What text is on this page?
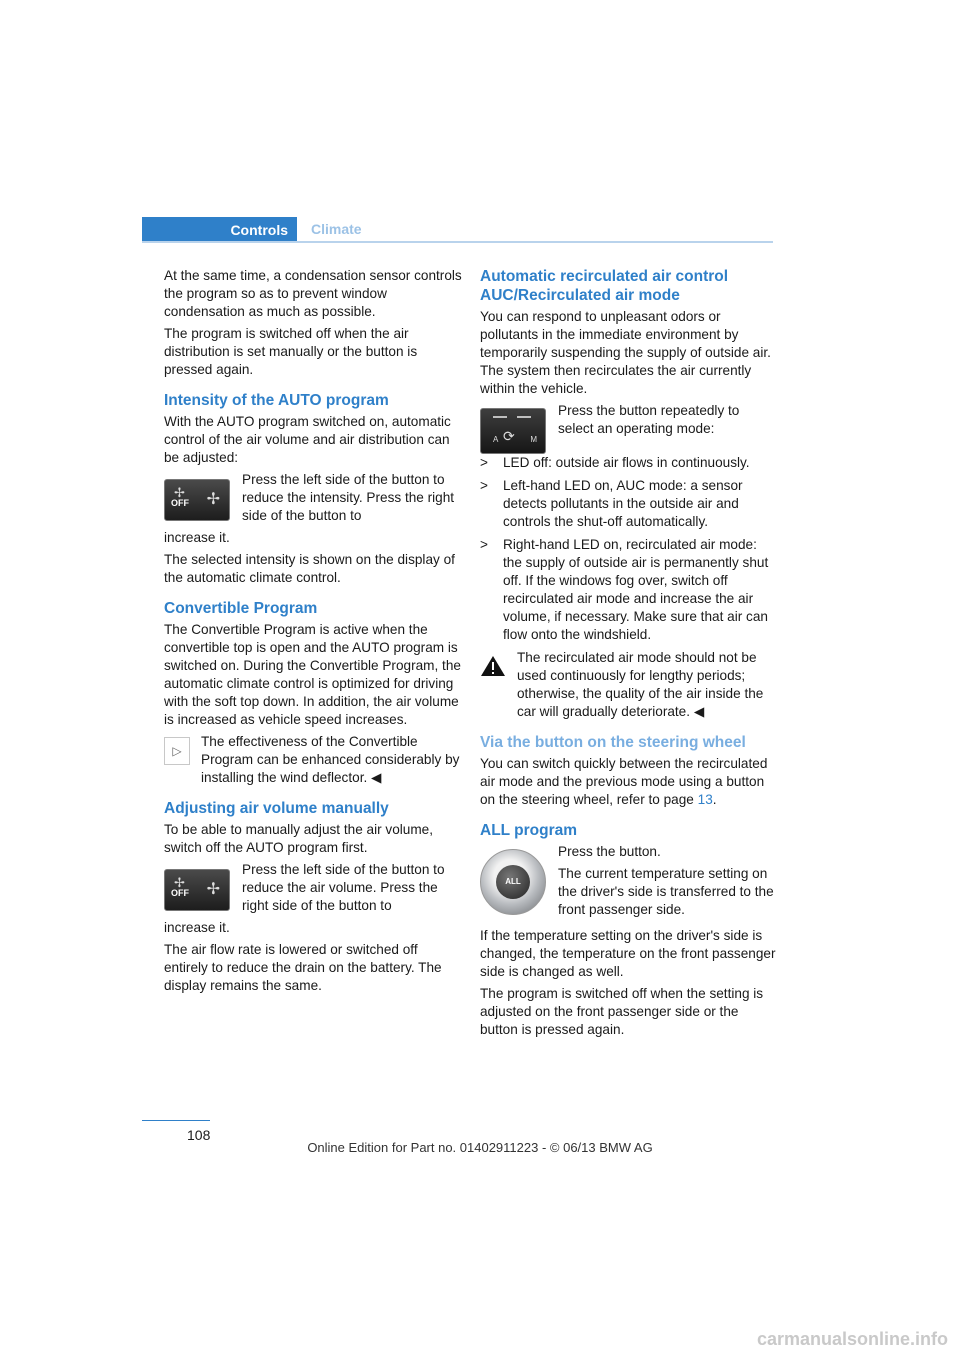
Controls	Climate

At the same time, a condensation sensor controls the program so as to prevent window condensation as much as possible.

The program is switched off when the air distribution is set manually or the button is pressed again.

Intensity of the AUTO program

With the AUTO program switched on, automatic control of the air volume and air distribution can be adjusted:

✢ ✢
OFF

Press the left side of the button to reduce the intensity. Press the right side of the button to

increase it.

The selected intensity is shown on the display of the automatic climate control.

Convertible Program

The Convertible Program is active when the convertible top is open and the AUTO program is switched on. During the Convertible Program, the automatic climate control is optimized for driving with the soft top down. In addition, the air volume is increased as vehicle speed increases.

▷

The effectiveness of the Convertible Program can be enhanced considerably by installing the wind deflector. ◀

Adjusting air volume manually

To be able to manually adjust the air volume, switch off the AUTO program first.

✢ ✢
OFF

Press the left side of the button to reduce the air volume. Press the right side of the button to

increase it.

The air flow rate is lowered or switched off entirely to reduce the drain on the battery. The display remains the same.

Automatic recirculated air control AUC/Recirculated air mode

You can respond to unpleasant odors or pollutants in the immediate environment by temporarily suspending the supply of outside air. The system then recirculates the air currently within the vehicle.

A ⟳ M

Press the button repeatedly to select an operating mode:

> LED off: outside air flows in continuously.
> Left-hand LED on, AUC mode: a sensor detects pollutants in the outside air and controls the shut-off automatically.
> Right-hand LED on, recirculated air mode: the supply of outside air is permanently shut off. If the windows fog over, switch off recirculated air mode and increase the air volume, if necessary. Make sure that air can flow onto the windshield.

The recirculated air mode should not be used continuously for lengthy periods; otherwise, the quality of the air inside the car will gradually deteriorate. ◀

Via the button on the steering wheel

You can switch quickly between the recirculated air mode and the previous mode using a button on the steering wheel, refer to page 13.

ALL program
ALL

Press the button.

The current temperature setting on the driver's side is transferred to the front passenger side.

If the temperature setting on the driver's side is changed, the temperature on the front passenger side is changed as well.

The program is switched off when the setting is adjusted on the front passenger side or the button is pressed again.

108
Online Edition for Part no. 01402911223 - © 06/13 BMW AG
carmanualsonline.info
